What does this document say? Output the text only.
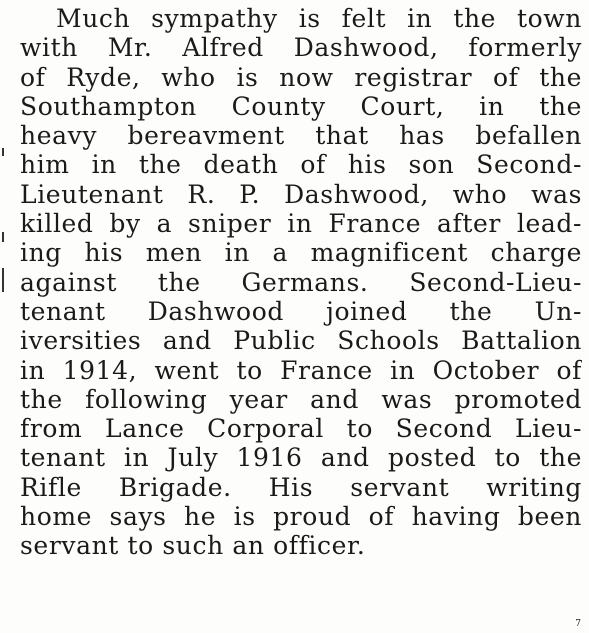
Much sympathy is felt in the town
with Mr. Alfred Dashwood, formerly
of Ryde, who is now registrar of the
Southampton County Court, in the
heavy bereavment that has befallen
him in the death of his son Second-
Lieutenant R. P. Dashwood, who was
killed by a sniper in France after lead-
ing his men in a magnificent charge
against the Germans. Second-Lieu-
tenant Dashwood joined the Un-
iversities and Public Schools Battalion
in 1914, went to France in October of
the following year and was promoted
from Lance Corporal to Second Lieu-
tenant in July 1916 and posted to the
Rifle Brigade. His servant writing
home says he is proud of having been
servant to such an officer.
7
